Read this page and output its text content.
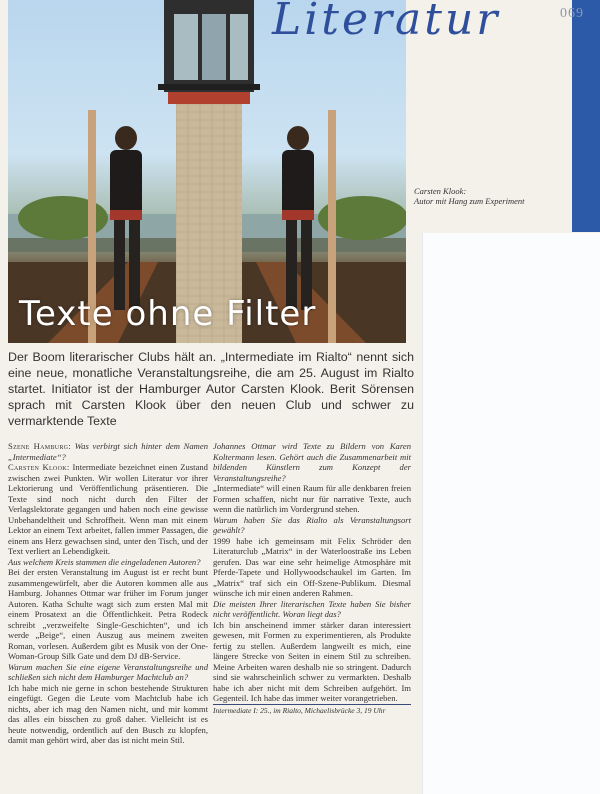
Texte ohne Filter
Literatur	069
Carsten Klook:
Autor mit Hang zum Experiment
Der Boom literarischer Clubs hält an. „Intermediate im Rialto“ nennt sich eine neue, monatliche Veranstaltungsreihe, die am 25. August im Rialto startet. Initiator ist der Hamburger Autor Carsten Klook. Berit Sörensen sprach mit Carsten Klook über den neuen Club und schwer zu vermarktende Texte

Szene Hamburg: Was verbirgt sich hinter dem Namen „Intermediate“?

Carsten Klook: Intermediate bezeichnet einen Zustand zwischen zwei Punkten. Wir wollen Literatur vor ihrer Lektorierung und Veröffentlichung präsentieren. Die Texte sind noch nicht durch den Filter der Verlagslektorate gegangen und haben noch eine gewisse Unbehandeltheit und Schroffheit. Wenn man mit einem Lektor an einem Text arbeitet, fallen immer Passagen, die einem ans Herz gewachsen sind, unter den Tisch, und der Text verliert an Lebendigkeit.

Aus welchem Kreis stammen die eingeladenen Autoren?

Bei der ersten Veranstaltung im August ist er recht bunt zusammengewürfelt, aber die Autoren kommen alle aus Hamburg. Johannes Ottmar war früher im Forum junger Autoren. Katha Schulte wagt sich zum ersten Mal mit einem Prosatext an die Öffentlichkeit. Petra Rodeck schreibt „verzweifelte Single-Geschichten“, und ich werde „Beige“, einen Auszug aus meinem zweiten Roman, vorlesen. Außerdem gibt es Musik von der One-Woman-Group Silk Gate und dem DJ dB-Service.

Warum machen Sie eine eigene Veranstaltungsreihe und schließen sich nicht dem Hamburger Machtclub an?

Ich habe mich nie gerne in schon bestehende Strukturen eingefügt. Gegen die Leute vom Machtclub habe ich nichts, aber ich mag den Namen nicht, und mir kommt das alles ein bisschen zu groß daher. Vielleicht ist es heute notwendig, ordentlich auf den Busch zu klopfen, damit man gehört wird, aber das ist nicht mein Stil.

Johannes Ottmar wird Texte zu Bildern von Karen Koltermann lesen. Gehört auch die Zusammenarbeit mit bildenden Künstlern zum Konzept der Veranstaltungsreihe?

„Intermediate“ will einen Raum für alle denkbaren freien Formen schaffen, nicht nur für narrative Texte, auch wenn die natürlich im Vordergrund stehen.

Warum haben Sie das Rialto als Veranstaltungsort gewählt?

1999 habe ich gemeinsam mit Felix Schröder den Literaturclub „Matrix“ in der Waterloostraße ins Leben gerufen. Das war eine sehr heimelige Atmosphäre mit Pferde-Tapete und Hollywoodschaukel im Garten. Im „Matrix“ traf sich ein Off-Szene-Publikum. Diesmal wünsche ich mir einen anderen Rahmen.

Die meisten Ihrer literarischen Texte haben Sie bisher nicht veröffentlicht. Woran liegt das?

Ich bin anscheinend immer stärker daran interessiert gewesen, mit Formen zu experimentieren, als Produkte fertig zu stellen. Außerdem langweilt es mich, eine längere Strecke von Seiten in einem Stil zu schreiben. Meine Arbeiten waren deshalb nie so stringent. Dadurch sind sie wahrscheinlich schwer zu vermarkten. Deshalb habe ich aber nicht mit dem Schreiben aufgehört. Im Gegenteil. Ich habe das immer weiter vorangetrieben.

Intermediate I: 25., im Rialto, Michaelisbrücke 3, 19 Uhr
